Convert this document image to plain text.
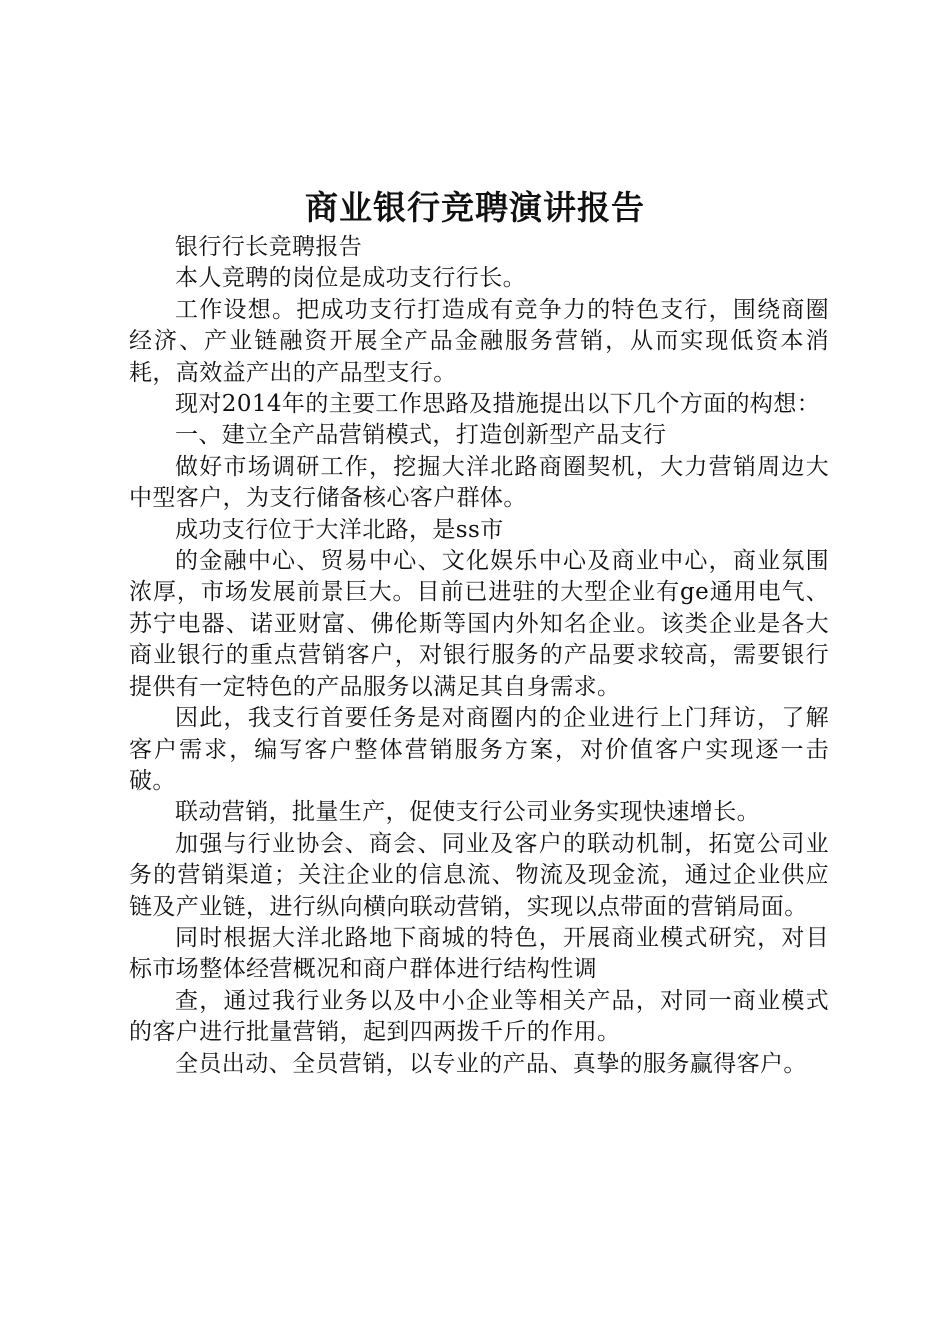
商业银行竞聘演讲报告

银行行长竞聘报告

本人竞聘的岗位是成功支行行长。

工作设想。把成功支行打造成有竞争力的特色支行，围绕商圈经济、产业链融资开展全产品金融服务营销，从而实现低资本消耗，高效益产出的产品型支行。

现对2014年的主要工作思路及措施提出以下几个方面的构想：

一、建立全产品营销模式，打造创新型产品支行

做好市场调研工作，挖掘大洋北路商圈契机，大力营销周边大中型客户，为支行储备核心客户群体。

成功支行位于大洋北路，是ss市

的金融中心、贸易中心、文化娱乐中心及商业中心，商业氛围浓厚，市场发展前景巨大。目前已进驻的大型企业有ge通用电气、苏宁电器、诺亚财富、佛伦斯等国内外知名企业。该类企业是各大商业银行的重点营销客户，对银行服务的产品要求较高，需要银行提供有一定特色的产品服务以满足其自身需求。

因此，我支行首要任务是对商圈内的企业进行上门拜访，了解客户需求，编写客户整体营销服务方案，对价值客户实现逐一击破。

联动营销，批量生产，促使支行公司业务实现快速增长。

加强与行业协会、商会、同业及客户的联动机制，拓宽公司业务的营销渠道；关注企业的信息流、物流及现金流，通过企业供应链及产业链，进行纵向横向联动营销，实现以点带面的营销局面。

同时根据大洋北路地下商城的特色，开展商业模式研究，对目标市场整体经营概况和商户群体进行结构性调

查，通过我行业务以及中小企业等相关产品，对同一商业模式的客户进行批量营销，起到四两拨千斤的作用。

全员出动、全员营销，以专业的产品、真挚的服务赢得客户。
